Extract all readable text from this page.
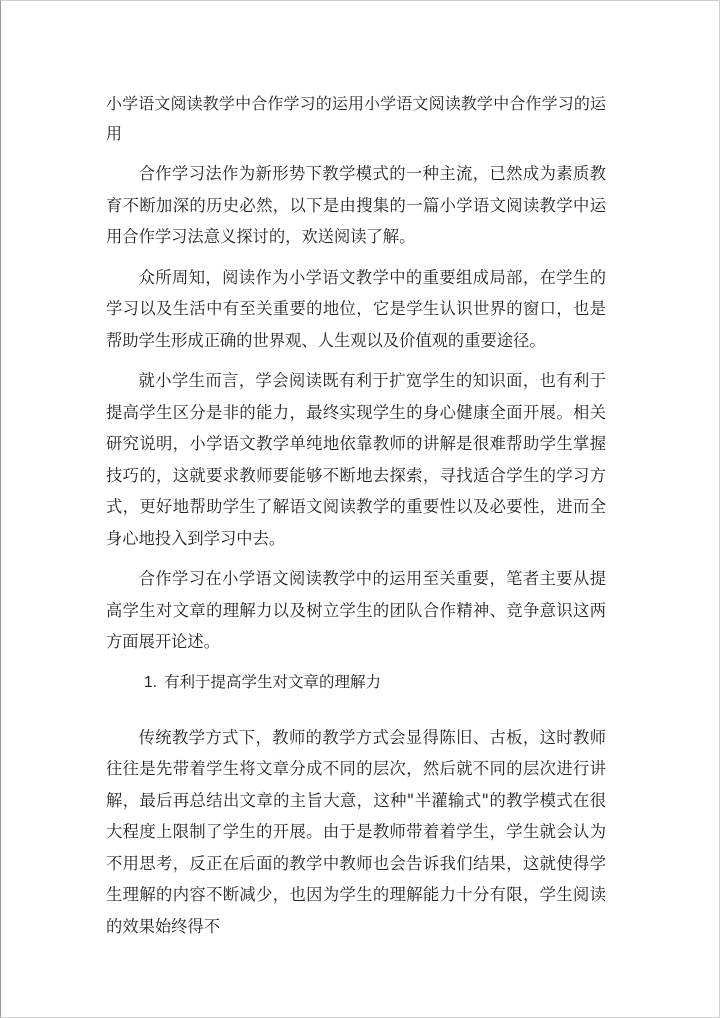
小学语文阅读教学中合作学习的运用小学语文阅读教学中合作学习的运用

合作学习法作为新形势下教学模式的一种主流，已然成为素质教育不断加深的历史必然，以下是由搜集的一篇小学语文阅读教学中运用合作学习法意义探讨的，欢送阅读了解。

众所周知，阅读作为小学语文教学中的重要组成局部，在学生的学习以及生活中有至关重要的地位，它是学生认识世界的窗口，也是帮助学生形成正确的世界观、人生观以及价值观的重要途径。

就小学生而言，学会阅读既有利于扩宽学生的知识面，也有利于提高学生区分是非的能力，最终实现学生的身心健康全面开展。相关研究说明，小学语文教学单纯地依靠教师的讲解是很难帮助学生掌握技巧的，这就要求教师要能够不断地去探索，寻找适合学生的学习方式，更好地帮助学生了解语文阅读教学的重要性以及必要性，进而全身心地投入到学习中去。

合作学习在小学语文阅读教学中的运用至关重要，笔者主要从提高学生对文章的理解力以及树立学生的团队合作精神、竞争意识这两方面展开论述。

1. 有利于提高学生对文章的理解力

传统教学方式下，教师的教学方式会显得陈旧、古板，这时教师往往是先带着学生将文章分成不同的层次，然后就不同的层次进行讲解，最后再总结出文章的主旨大意，这种"半灌输式"的教学模式在很大程度上限制了学生的开展。由于是教师带着着学生，学生就会认为不用思考，反正在后面的教学中教师也会告诉我们结果，这就使得学生理解的内容不断减少，也因为学生的理解能力十分有限，学生阅读的效果始终得不
